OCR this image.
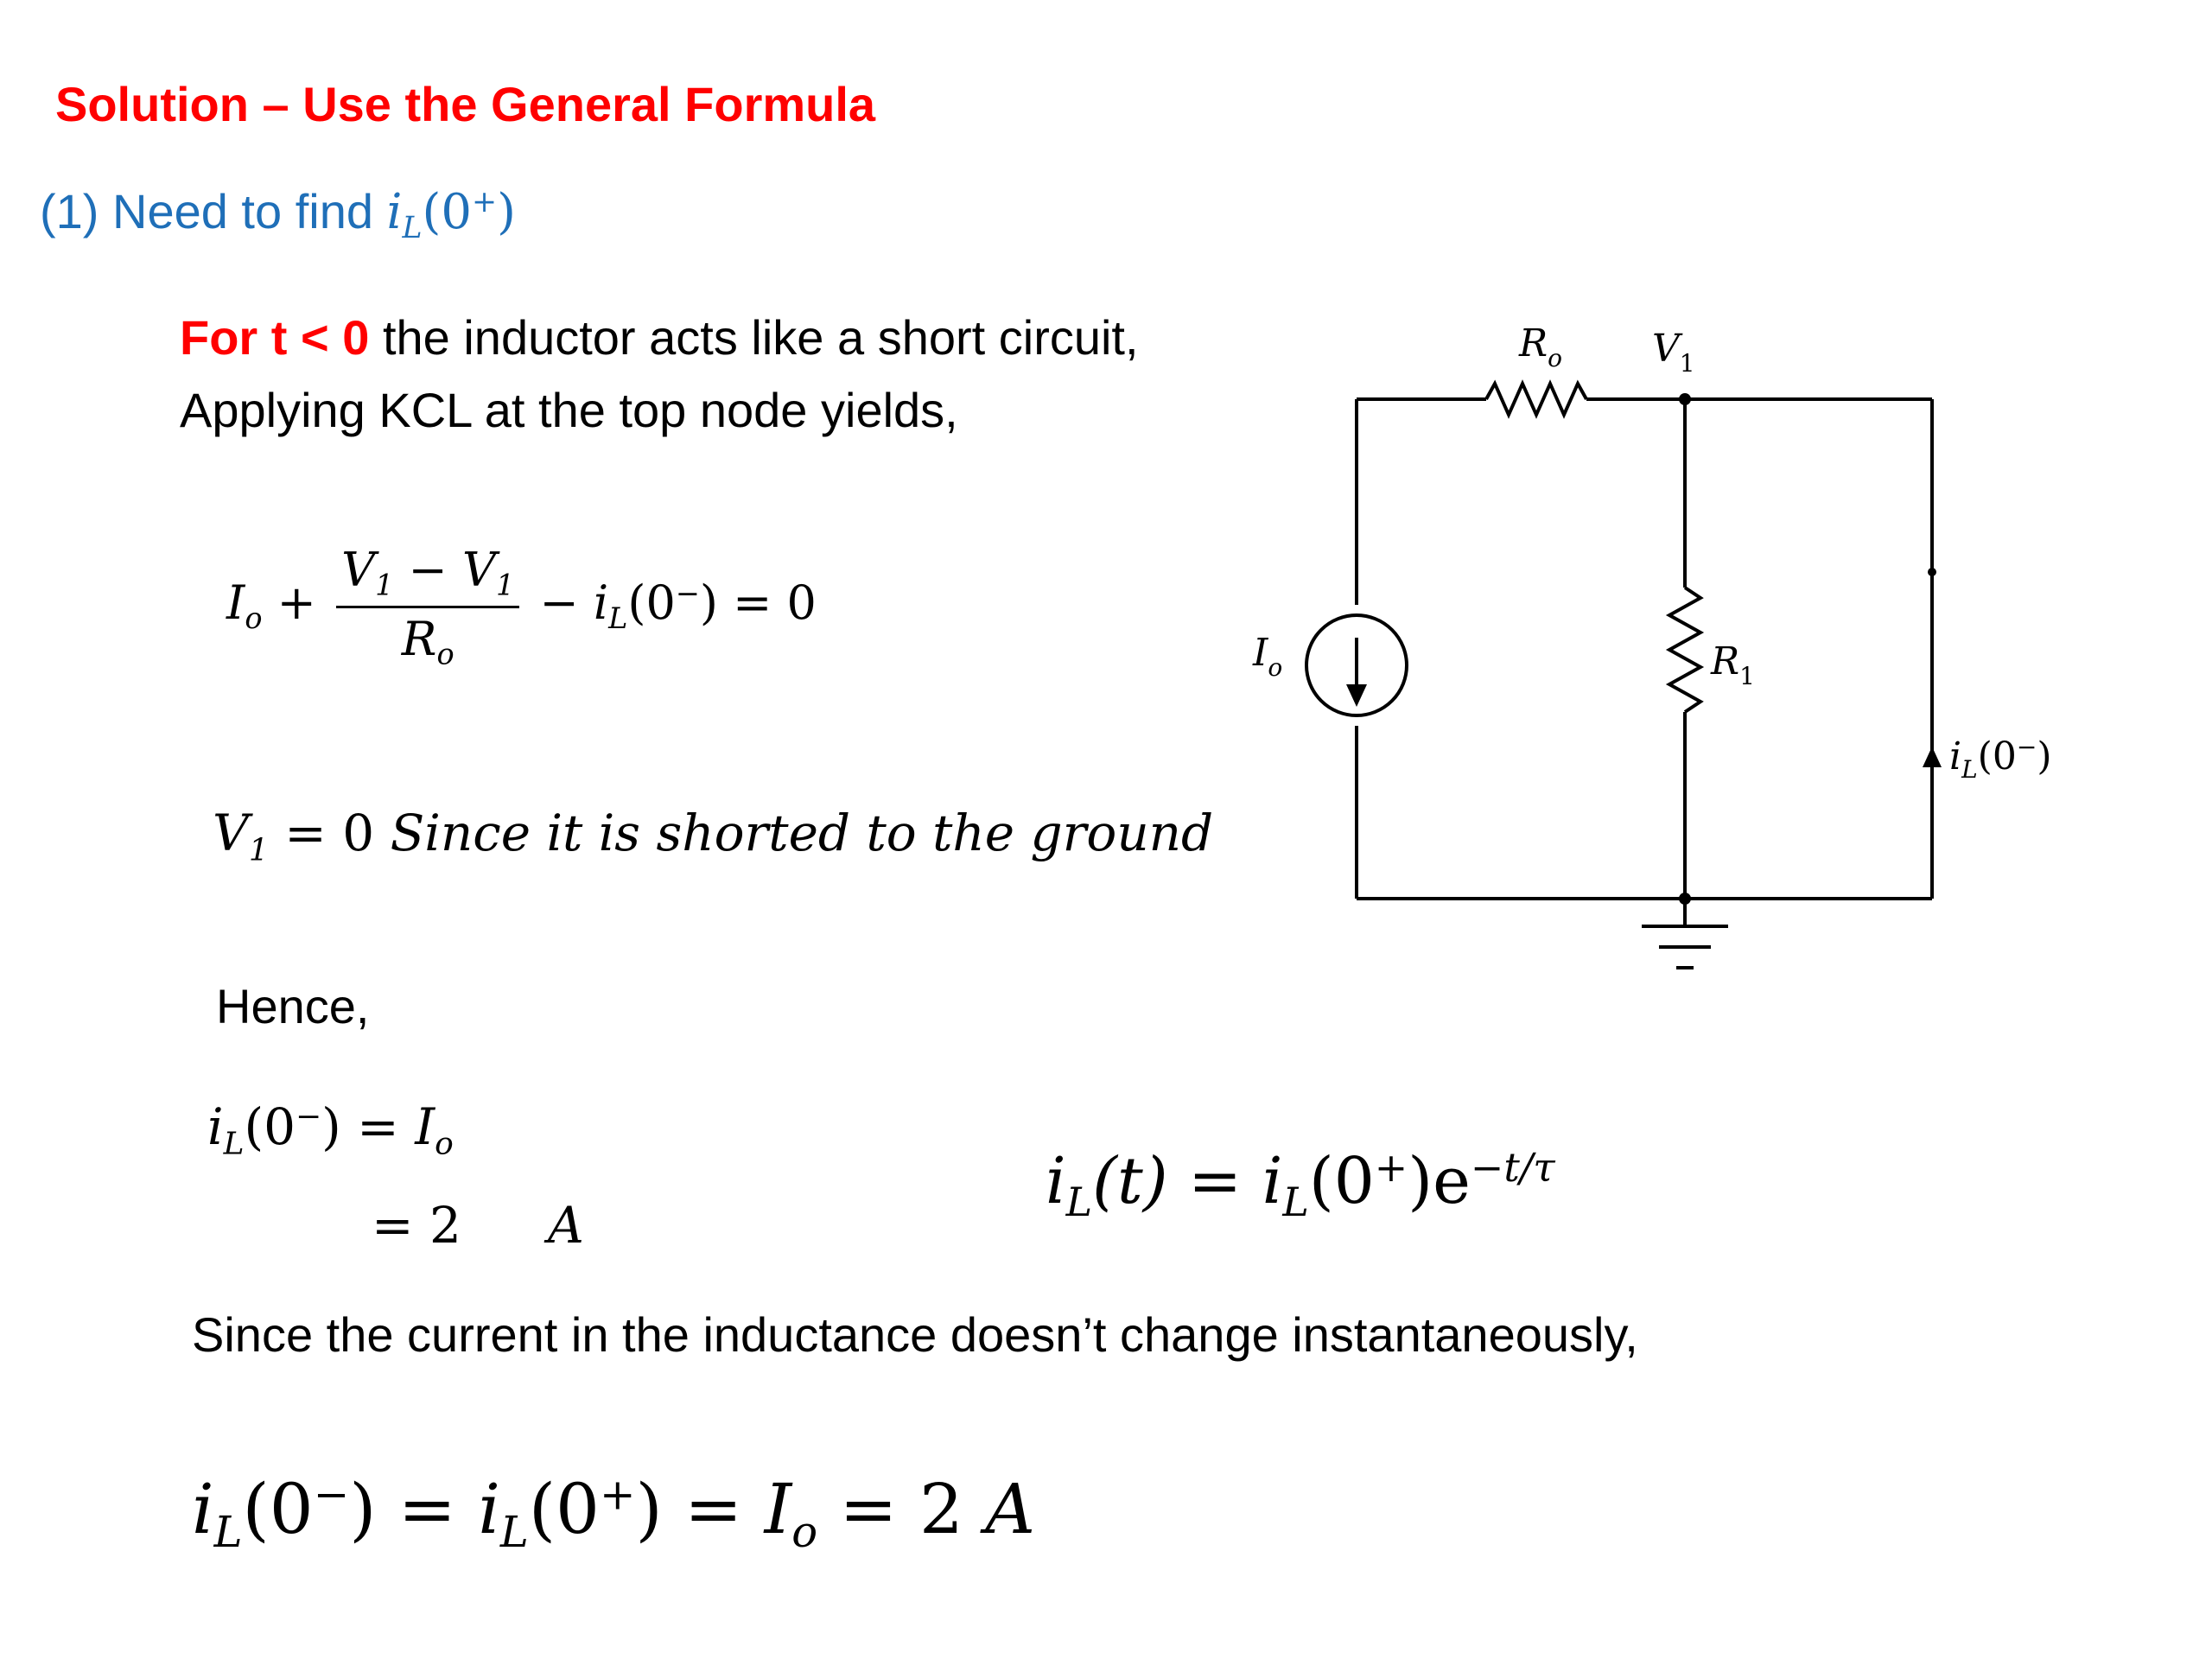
Solution – Use the General Formula
(1) Need to find $i_L(0^+)$
For t < 0 the inductor acts like a short circuit,
Applying KCL at the top node yields,
$I_o + \frac{V_1 - V_1}{R_o} - i_L(0^-) = 0$
$V_1 = 0$ Since it is shorted to the ground
Hence,
$i_L(0^-) = I_o$
= 2 A
$i_L(t) = i_L(0^+)e^{-t/\tau}$
Since the current in the inductance doesn’t change instantaneously,
$i_L(0^-) = i_L(0^+) = I_o = 2$ A
$R_o$ $V_1$
$R_1$
$I_o$
$i_L(0^-)$
